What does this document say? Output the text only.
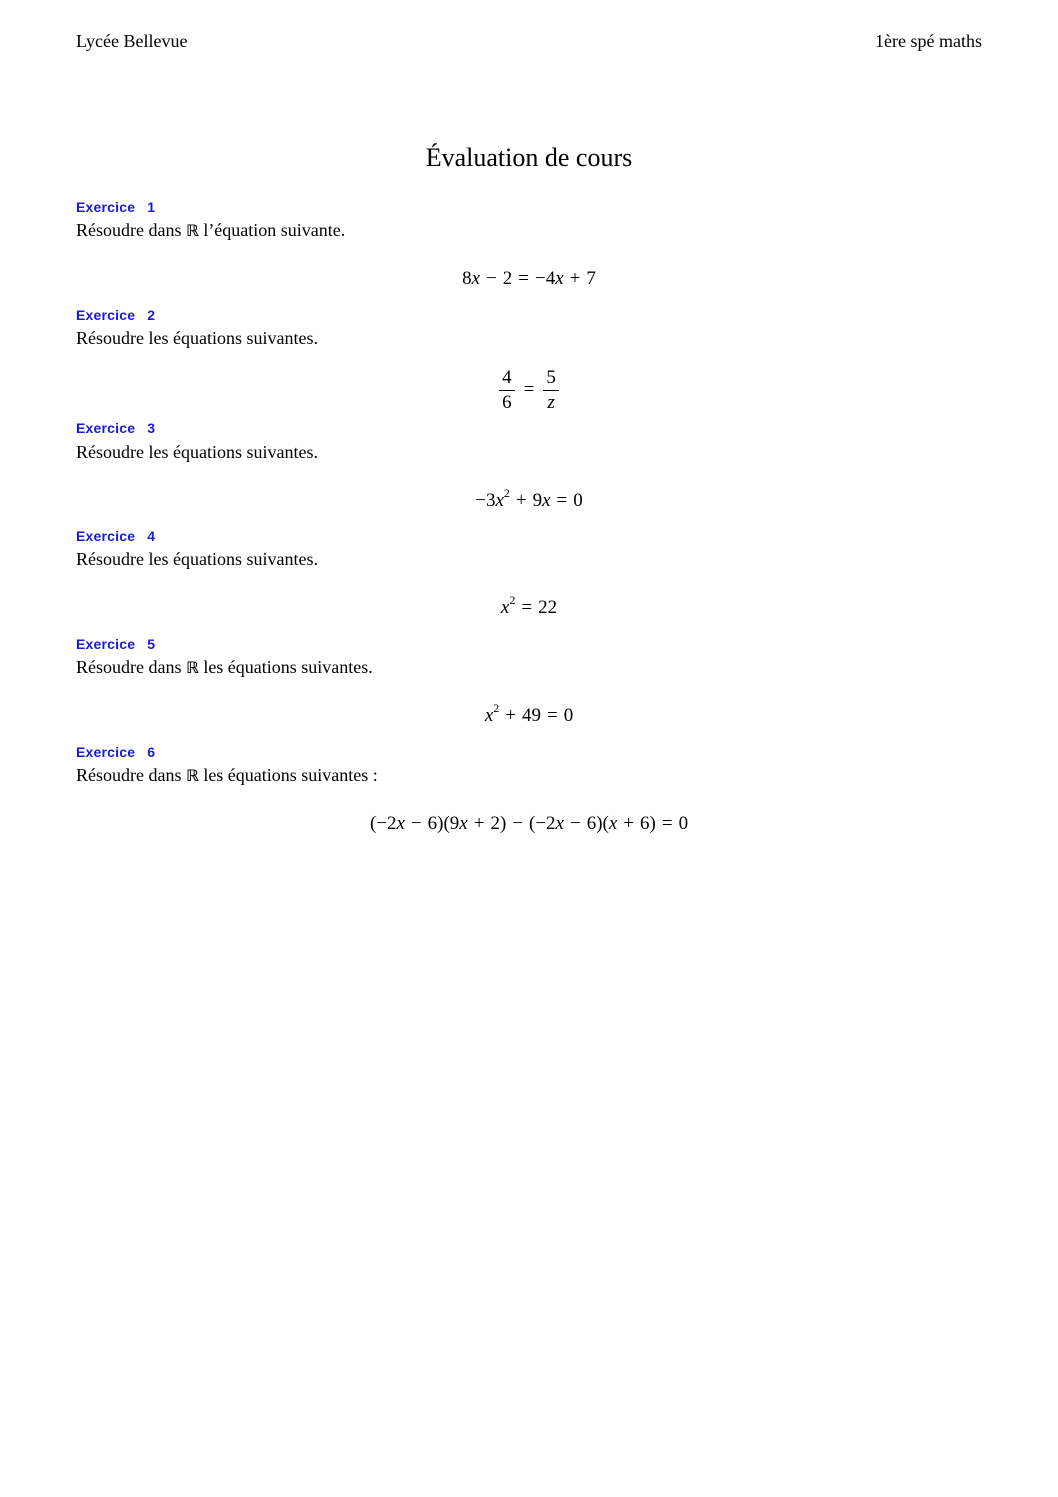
Lycée Bellevue	1ère spé maths
Évaluation de cours
Exercice 1
Résoudre dans ℝ l’équation suivante.
8x − 2 = −4x + 7
Exercice 2
Résoudre les équations suivantes.
$\frac{4}{6} = \frac{5}{z}$
Exercice 3
Résoudre les équations suivantes.
$-3x^2 + 9x = 0$
Exercice 4
Résoudre les équations suivantes.
$x^2 = 22$
Exercice 5
Résoudre dans ℝ les équations suivantes.
$x^2 + 49 = 0$
Exercice 6
Résoudre dans ℝ les équations suivantes :
(−2x − 6)(9x + 2) − (−2x − 6)(x + 6) = 0
